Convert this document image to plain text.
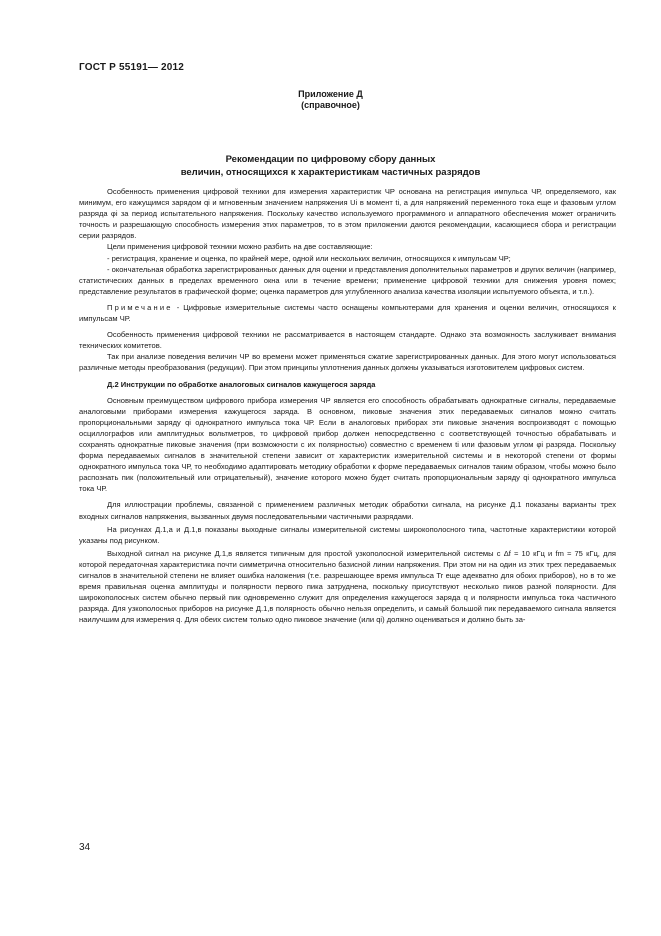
ГОСТ Р 55191— 2012
Приложение Д
(справочное)
Рекомендации по цифровому сбору данных
величин, относящихся к характеристикам частичных разрядов

Особенность применения цифровой техники для измерения характеристик ЧР основана на регистрация импульса ЧР, определяемого, как минимум, его кажущимся зарядом qi и мгновенным значением напряжения Ui в момент ti, а для напряжений переменного тока еще и фазовым углом разряда φi за период испытательного напряжения. Поскольку качество используемого программного и аппаратного обеспечения может ограничить точность и разрешающую способность измерения этих параметров, то в этом приложении даются рекомендации, касающиеся сбора и регистрации серии разрядов.

Цели применения цифровой техники можно разбить на две составляющие:

- регистрация, хранение и оценка, по крайней мере, одной или нескольких величин, относящихся к импульсам ЧР;

- окончательная обработка зарегистрированных данных для оценки и представления дополнительных параметров и других величин (например, статистических данных в пределах временного окна или в течение времени; применение цифровой техники для снижения уровня помех; представление результатов в графической форме; оценка параметров для углубленного анализа качества изоляции испытуемого объекта, и т.п.).

Примечание - Цифровые измерительные системы часто оснащены компьютерами для хранения и оценки величин, относящихся к импульсам ЧР.

Особенность применения цифровой техники не рассматривается в настоящем стандарте. Однако эта возможность заслуживает внимания технических комитетов.

Так при анализе поведения величин ЧР во времени может применяться сжатие зарегистрированных данных. Для этого могут использоваться различные методы преобразования (редукции). При этом принципы уплотнения данных должны указываться изготовителем цифровых систем.

Д.2 Инструкции по обработке аналоговых сигналов кажущегося заряда

Основным преимуществом цифрового прибора измерения ЧР является его способность обрабатывать однократные сигналы, передаваемые аналоговыми приборами измерения кажущегося заряда. В основном, пиковые значения этих передаваемых сигналов можно считать пропорциональными заряду qi однократного импульса тока ЧР. Если в аналоговых приборах эти пиковые значения воспроизводят с помощью осциллографов или амплитудных вольтметров, то цифровой прибор должен непосредственно с соответствующей точностью обрабатывать и сохранять однократные пиковые значения (при возможности с их полярностью) совместно с временем ti или фазовым углом φi разряда. Поскольку форма передаваемых сигналов в значительной степени зависит от характеристик измерительной системы и в некоторой степени от формы однократного импульса тока ЧР, то необходимо адаптировать методику обработки к форме передаваемых сигналов таким образом, чтобы можно было распознать пик (положительный или отрицательный), значение которого можно будет считать пропорциональным заряду qi однократного импульса тока ЧР.

Для иллюстрации проблемы, связанной с применением различных методик обработки сигнала, на рисунке Д.1 показаны варианты трех входных сигналов напряжения, вызванных двумя последовательными частичными разрядами.

На рисунках Д.1,а и Д.1,в показаны выходные сигналы измерительной системы широкополосного типа, частотные характеристики которой указаны под рисунком.

Выходной сигнал на рисунке Д.1,в является типичным для простой узкополосной измерительной системы с Δf ≈ 10 кГц и fm ≈ 75 кГц, для которой передаточная характеристика почти симметрична относительно базисной линии напряжения. При этом ни на один из этих трех передаваемых сигналов в значительной степени не влияет ошибка наложения (т.е. разрешающее время импульса Tr еще адекватно для обоих приборов), но в то же время правильная оценка амплитуды и полярности первого пика затруднена, поскольку присутствуют несколько пиков разной полярности. Для широкополосных систем обычно первый пик одновременно служит для определения кажущегося заряда q и полярности импульса тока частичного разряда. Для узкополосных приборов на рисунке Д.1,в полярность обычно нельзя определить, и самый большой пик передаваемого сигнала является наилучшим для измерения q. Для обеих систем только одно пиковое значение (или qi) должно оцениваться и должно быть за-

34
